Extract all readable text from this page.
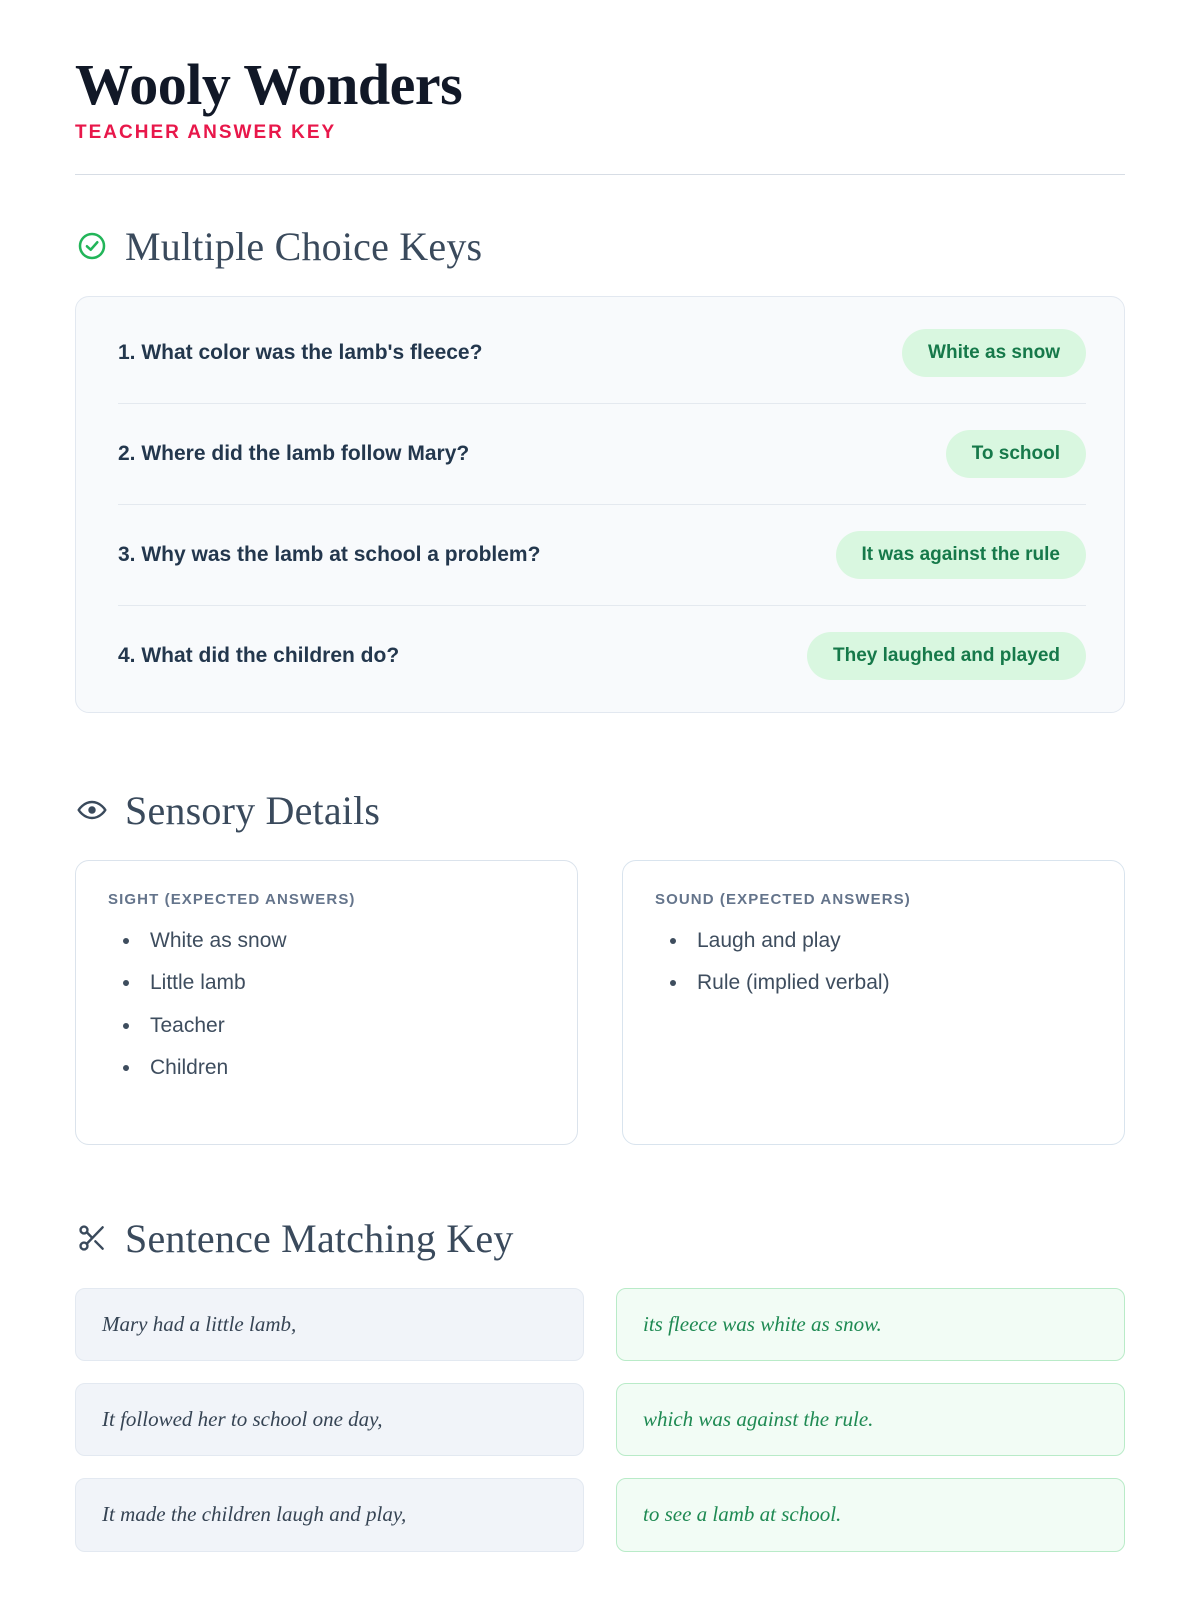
Wooly Wonders
TEACHER ANSWER KEY
Multiple Choice Keys
1. What color was the lamb's fleece?	White as snow
2. Where did the lamb follow Mary?	To school
3. Why was the lamb at school a problem?	It was against the rule
4. What did the children do?	They laughed and played
Sensory Details
SIGHT (EXPECTED ANSWERS)
• White as snow
• Little lamb
• Teacher
• Children
SOUND (EXPECTED ANSWERS)
• Laugh and play
• Rule (implied verbal)
Sentence Matching Key
Mary had a little lamb,	its fleece was white as snow.
It followed her to school one day,	which was against the rule.
It made the children laugh and play,	to see a lamb at school.
